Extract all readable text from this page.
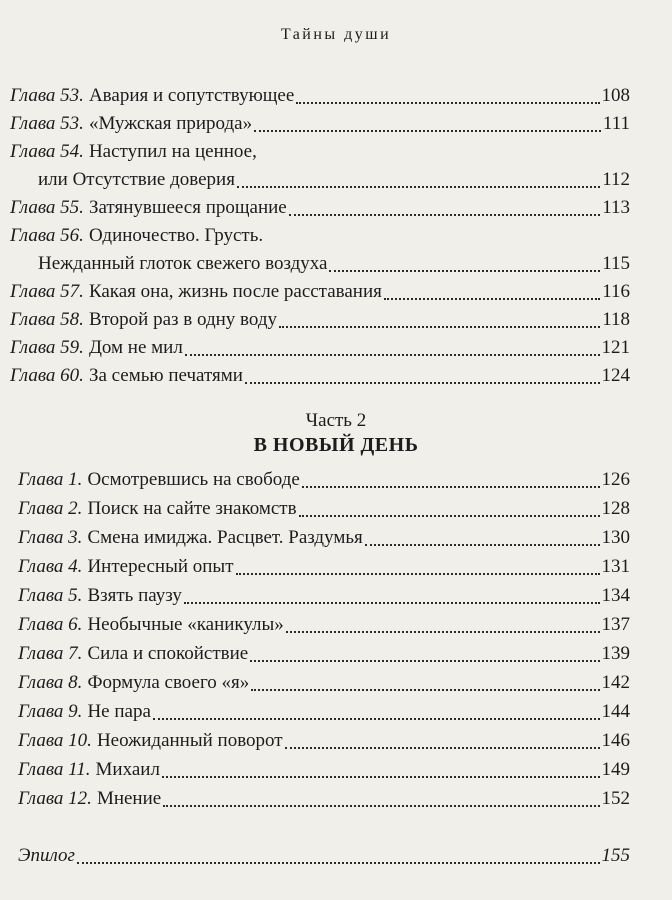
Тайны души
Глава 53. Авария и сопутствующее	108
Глава 53. «Мужская природа»	111
Глава 54. Наступил на ценное,
или Отсутствие доверия	112
Глава 55. Затянувшееся прощание	113
Глава 56. Одиночество. Грусть.
Нежданный глоток свежего воздуха	115
Глава 57. Какая она, жизнь после расставания	116
Глава 58. Второй раз в одну воду	118
Глава 59. Дом не мил	121
Глава 60. За семью печатями	124
Часть 2
В НОВЫЙ ДЕНЬ
Глава 1. Осмотревшись на свободе	126
Глава 2. Поиск на сайте знакомств	128
Глава 3. Смена имиджа. Расцвет. Раздумья	130
Глава 4. Интересный опыт	131
Глава 5. Взять паузу	134
Глава 6. Необычные «каникулы»	137
Глава 7. Сила и спокойствие	139
Глава 8. Формула своего «я»	142
Глава 9. Не пара	144
Глава 10. Неожиданный поворот	146
Глава 11. Михаил	149
Глава 12. Мнение	152
Эпилог	155
